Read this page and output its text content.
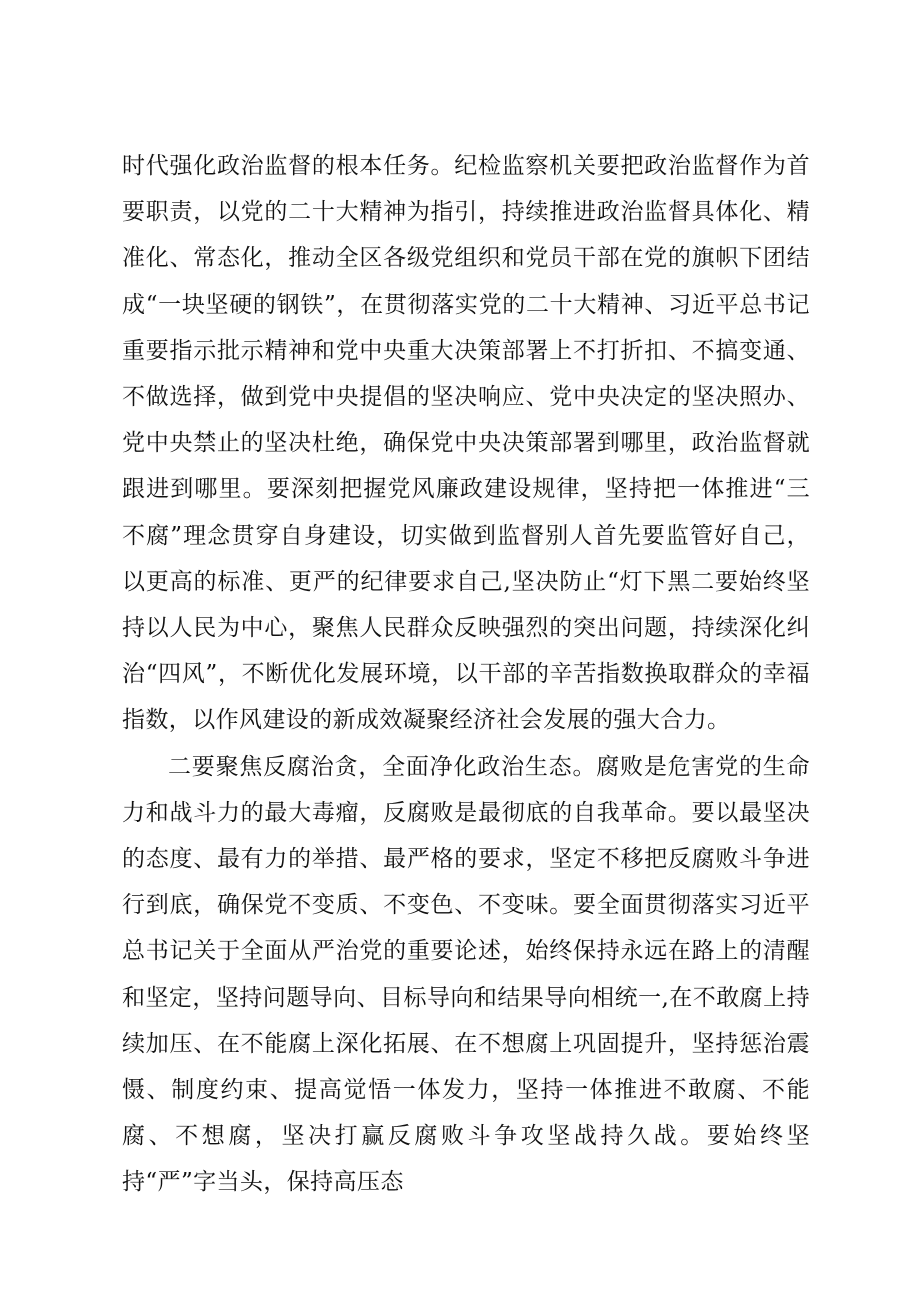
时代强化政治监督的根本任务。纪检监察机关要把政治监督作为首要职责，以党的二十大精神为指引，持续推进政治监督具体化、精准化、常态化，推动全区各级党组织和党员干部在党的旗帜下团结成“一块坚硬的钢铁”，在贯彻落实党的二十大精神、习近平总书记重要指示批示精神和党中央重大决策部署上不打折扣、不搞变通、不做选择，做到党中央提倡的坚决响应、党中央决定的坚决照办、党中央禁止的坚决杜绝，确保党中央决策部署到哪里，政治监督就跟进到哪里。要深刻把握党风廉政建设规律，坚持把一体推进“三不腐”理念贯穿自身建设，切实做到监督别人首先要监管好自己，以更高的标准、更严的纪律要求自己,坚决防止“灯下黑二要始终坚持以人民为中心，聚焦人民群众反映强烈的突出问题，持续深化纠治“四风”，不断优化发展环境，以干部的辛苦指数换取群众的幸福指数，以作风建设的新成效凝聚经济社会发展的强大合力。

二要聚焦反腐治贪，全面净化政治生态。腐败是危害党的生命力和战斗力的最大毒瘤，反腐败是最彻底的自我革命。要以最坚决的态度、最有力的举措、最严格的要求，坚定不移把反腐败斗争进行到底，确保党不变质、不变色、不变味。要全面贯彻落实习近平总书记关于全面从严治党的重要论述，始终保持永远在路上的清醒和坚定，坚持问题导向、目标导向和结果导向相统一,在不敢腐上持续加压、在不能腐上深化拓展、在不想腐上巩固提升，坚持惩治震慑、制度约束、提高觉悟一体发力，坚持一体推进不敢腐、不能腐、不想腐，坚决打赢反腐败斗争攻坚战持久战。要始终坚持“严”字当头，保持高压态
